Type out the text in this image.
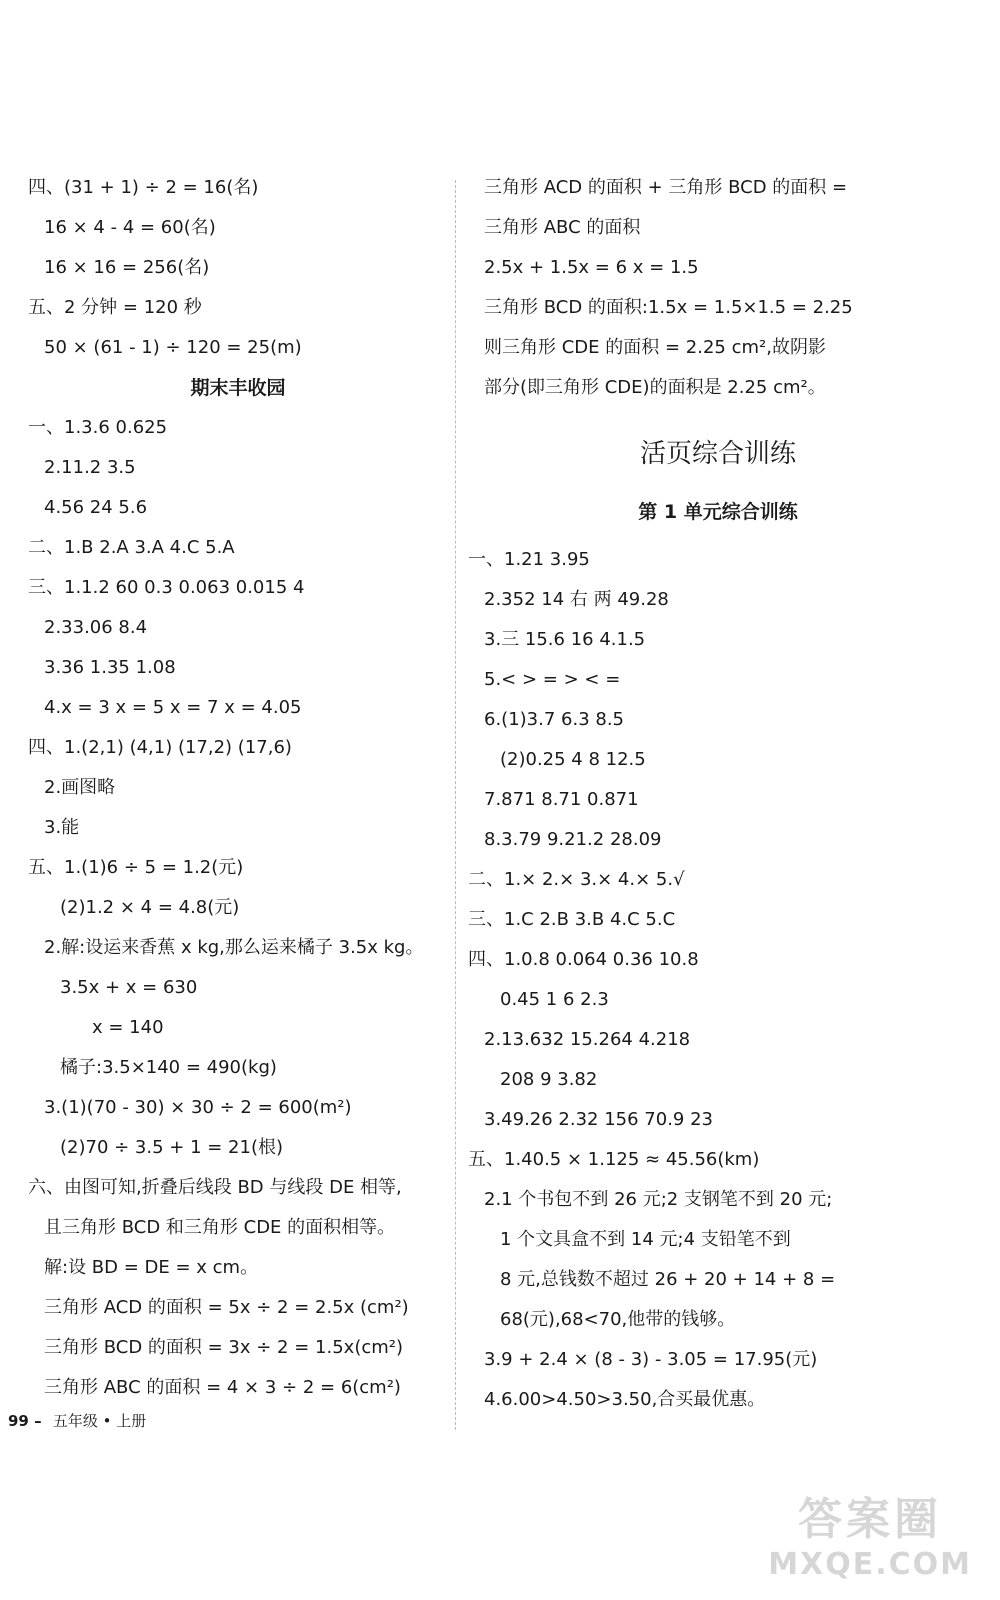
四、(31 + 1) ÷ 2 = 16(名)
16 × 4 - 4 = 60(名)
16 × 16 = 256(名)
五、2 分钟 = 120 秒
50 × (61 - 1) ÷ 120 = 25(m)
期末丰收园
一、1.3.6 0.625
2.11.2 3.5
4.56 24 5.6
二、1.B 2.A 3.A 4.C 5.A
三、1.1.2 60 0.3 0.063 0.015 4
2.33.06 8.4
3.36 1.35 1.08
4.x = 3 x = 5 x = 7 x = 4.05
四、1.(2,1) (4,1) (17,2) (17,6)
2.画图略
3.能
五、1.(1)6 ÷ 5 = 1.2(元)
(2)1.2 × 4 = 4.8(元)
2.解:设运来香蕉 x kg,那么运来橘子 3.5x kg。
3.5x + x = 630
x = 140
橘子:3.5×140 = 490(kg)
3.(1)(70 - 30) × 30 ÷ 2 = 600(m²)
(2)70 ÷ 3.5 + 1 = 21(根)
六、由图可知,折叠后线段 BD 与线段 DE 相等,
且三角形 BCD 和三角形 CDE 的面积相等。
解:设 BD = DE = x cm。
三角形 ACD 的面积 = 5x ÷ 2 = 2.5x (cm²)
三角形 BCD 的面积 = 3x ÷ 2 = 1.5x(cm²)
三角形 ABC 的面积 = 4 × 3 ÷ 2 = 6(cm²)
三角形 ACD 的面积 + 三角形 BCD 的面积 =
三角形 ABC 的面积
2.5x + 1.5x = 6 x = 1.5
三角形 BCD 的面积:1.5x = 1.5×1.5 = 2.25
则三角形 CDE 的面积 = 2.25 cm²,故阴影
部分(即三角形 CDE)的面积是 2.25 cm²。
活页综合训练
第 1 单元综合训练
一、1.21 3.95
2.352 14 右 两 49.28
3.三 15.6 16 4.1.5
5.< > = > < =
6.(1)3.7 6.3 8.5
(2)0.25 4 8 12.5
7.871 8.71 0.871
8.3.79 9.21.2 28.09
二、1.× 2.× 3.× 4.× 5.√
三、1.C 2.B 3.B 4.C 5.C
四、1.0.8 0.064 0.36 10.8
0.45 1 6 2.3
2.13.632 15.264 4.218
208 9 3.82
3.49.26 2.32 156 70.9 23
五、1.40.5 × 1.125 ≈ 45.56(km)
2.1 个书包不到 26 元;2 支钢笔不到 20 元;
1 个文具盒不到 14 元;4 支铅笔不到
8 元,总钱数不超过 26 + 20 + 14 + 8 =
68(元),68<70,他带的钱够。
3.9 + 2.4 × (8 - 3) - 3.05 = 17.95(元)
4.6.00>4.50>3.50,合买最优惠。
99 – 五年级 • 上册
答案圈
MXQE.COM
